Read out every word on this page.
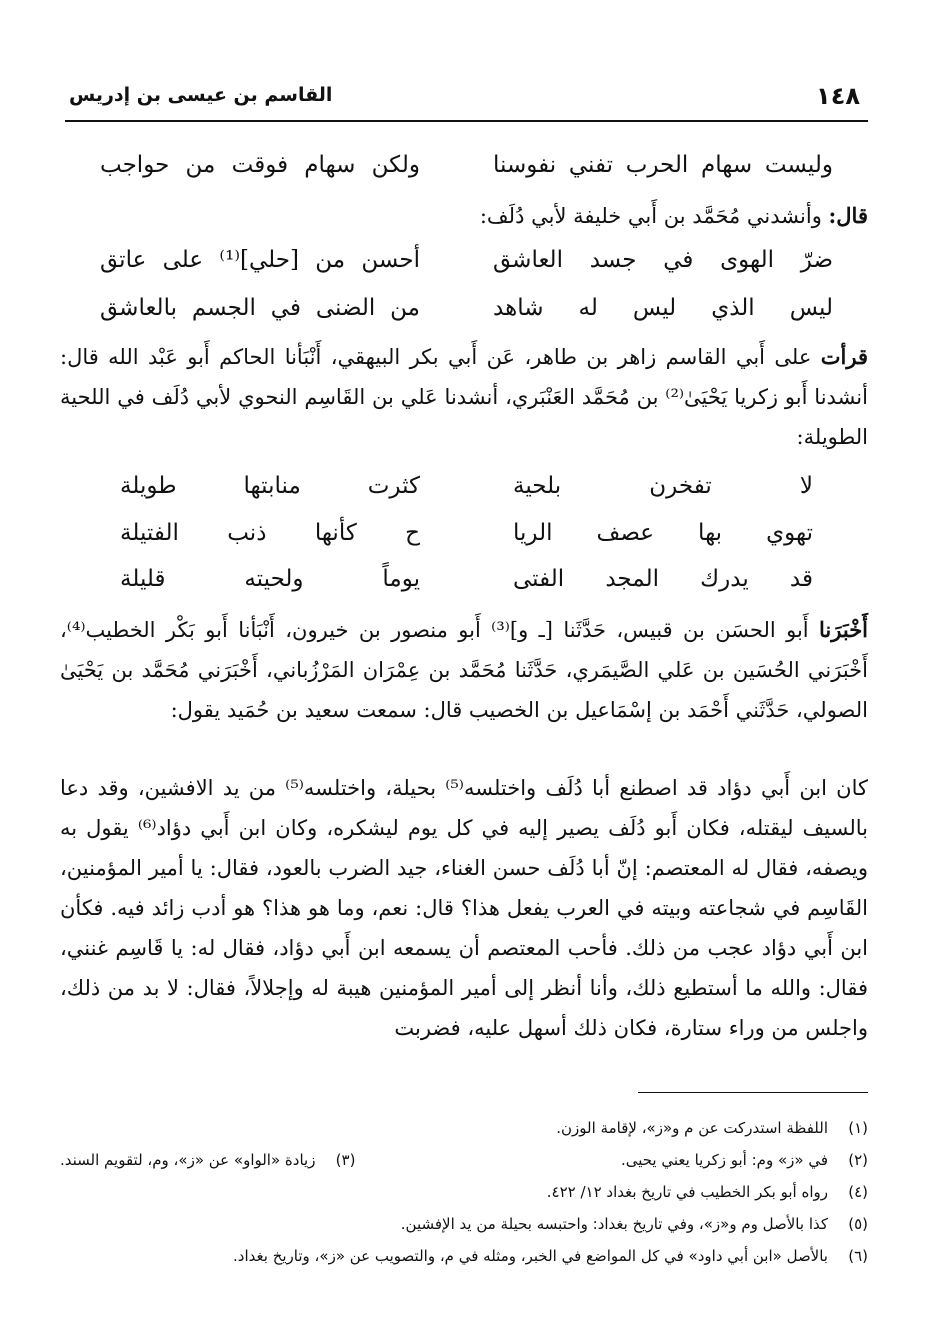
١٤٨
القاسم بن عيسى بن إدريس
وليست سهام الحرب تفني نفوسنا
ولكن سهام فوقت من حواجب
قال: وأنشدني مُحَمَّد بن أَبي خليفة لأبي دُلَف:
ضرّ الهوى في جسد العاشق
أحسن من [حلي]⁽¹⁾ على عاتق
ليس الذي ليس له شاهد
من الضنى في الجسم بالعاشق
قرأت على أَبي القاسم زاهر بن طاهر، عَن أَبي بكر البيهقي، أَنْبَأنا الحاكم أَبو عَبْد الله قال: أنشدنا أَبو زكريا يَحْيَىٰ⁽²⁾ بن مُحَمَّد العَنْبَري، أنشدنا عَلي بن القَاسِم النحوي لأبي دُلَف في اللحية الطويلة:
لا تفخرن بلحية
كثرت منابتها طويلة
تهوي بها عصف الريا
ح كأنها ذنب الفتيلة
قد يدرك المجد الفتى
يوماً ولحيته قليلة
أَخْبَرَنا أَبو الحسَن بن قبيس، حَدَّثَنا [ـ و]⁽³⁾ أَبو منصور بن خيرون، أَنْبَأنا أَبو بَكْر الخطيب⁽⁴⁾، أَخْبَرَني الحُسَين بن عَلي الصَّيمَري، حَدَّثَنا مُحَمَّد بن عِمْرَان المَرْزُباني، أَخْبَرَني مُحَمَّد بن يَحْيَىٰ الصولي، حَدَّثَني أَحْمَد بن إسْمَاعيل بن الخصيب قال: سمعت سعيد بن حُمَيد يقول:
كان ابن أَبي دؤاد قد اصطنع أبا دُلَف واختلسه⁽⁵⁾ بحيلة، واختلسه⁽⁵⁾ من يد الافشين، وقد دعا بالسيف ليقتله، فكان أَبو دُلَف يصير إليه في كل يوم ليشكره، وكان ابن أَبي دؤاد⁽⁶⁾ يقول به ويصفه، فقال له المعتصم: إنّ أبا دُلَف حسن الغناء، جيد الضرب بالعود، فقال: يا أمير المؤمنين، القَاسِم في شجاعته وبيته في العرب يفعل هذا؟ قال: نعم، وما هو هذا؟ هو أدب زائد فيه. فكأن ابن أَبي دؤاد عجب من ذلك. فأحب المعتصم أن يسمعه ابن أَبي دؤاد، فقال له: يا قَاسِم غنني، فقال: والله ما أستطيع ذلك، وأنا أنظر إلى أمير المؤمنين هيبة له وإجلالاً، فقال: لا بد من ذلك، واجلس من وراء ستارة، فكان ذلك أسهل عليه، فضربت
(١)اللفظة استدركت عن م و«ز»، لإقامة الوزن.
(٢)في «ز» وم: أبو زكريا يعني يحيى.
(٣)زيادة «الواو» عن «ز»، وم، لتقويم السند.
(٤)رواه أبو بكر الخطيب في تاريخ بغداد ١٢/ ٤٢٢.
(٥)كذا بالأصل وم و«ز»، وفي تاريخ بغداد: واحتبسه بحيلة من يد الإفشين.
(٦)بالأصل «ابن أبي داود» في كل المواضع في الخبر، ومثله في م، والتصويب عن «ز»، وتاريخ بغداد.
